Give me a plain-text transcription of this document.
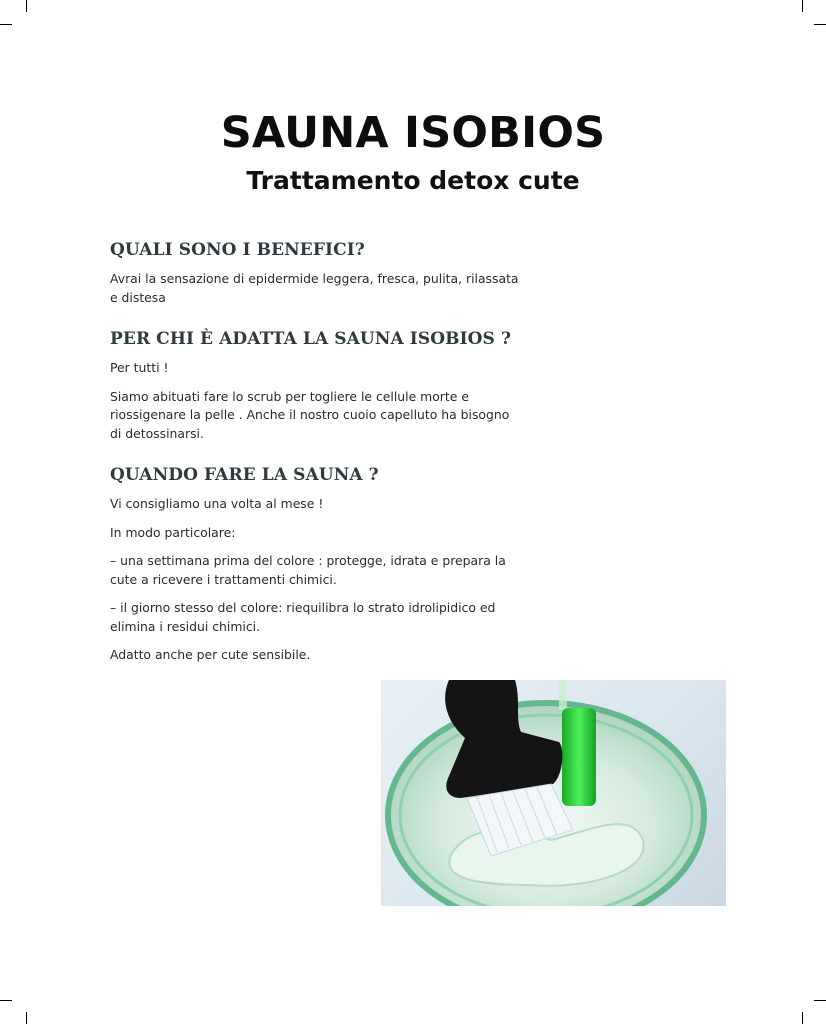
SAUNA ISOBIOS
Trattamento detox cute
QUALI SONO I BENEFICI?

Avrai la sensazione di epidermide leggera, fresca, pulita, rilassata e distesa

PER CHI È ADATTA LA SAUNA ISOBIOS ?

Per tutti !

Siamo abituati fare lo scrub per togliere le cellule morte e riossigenare la pelle . Anche il nostro cuoio capelluto ha bisogno di detossinarsi.

QUANDO FARE LA SAUNA ?

Vi consigliamo una volta al mese !

In modo particolare:

– una settimana prima del colore : protegge, idrata e prepara la cute a ricevere i trattamenti chimici.

– il giorno stesso del colore: riequilibra lo strato idrolipidico ed elimina i residui chimici.

Adatto anche per cute sensibile.
